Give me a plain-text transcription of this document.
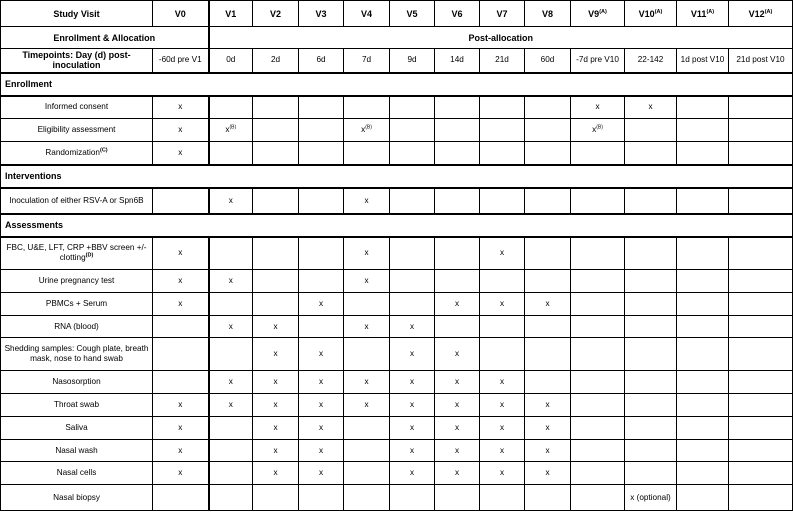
Study Visit	V0	V1	V2	V3	V4	V5	V6	V7	V8	$V9^{(A)}$	$V10^{(A)}$	$V11^{(A)}$	$V12^{(A)}$
Enrollment & Allocation		Post-allocation											
Timepoints: Day (d) post-inoculation	-60d pre V1	0d	2d	6d	7d	9d	14d	21d	60d	-7d pre V10	22-142	1d post V10	21d post V10
Enrollment													
Informed consent	x									x	x		
Eligibility assessment	x	$x^{(B)}$			$x^{(B)}$					$x^{(B)}$			
Randomization$^{(C)}$	x												
Interventions													
Inoculation of either RSV-A or Spn6B		x			x								
Assessments													
FBC, U&E, LFT, CRP +BBV screen +/-clotting$^{(D)}$	x				x			x					
Urine pregnancy test	x	x			x								
PBMCs + Serum	x			x			x	x	x				
RNA (blood)		x	x		x	x							
Shedding samples: Cough plate, breath mask, nose to hand swab			x	x		x	x						
Nasosorption		x	x	x	x	x	x	x					
Throat swab	x	x	x	x	x	x	x	x	x				
Saliva	x		x	x		x	x	x	x				
Nasal wash	x		x	x		x	x	x	x				
Nasal cells	x		x	x		x	x	x	x				
Nasal biopsy											x (optional)		
